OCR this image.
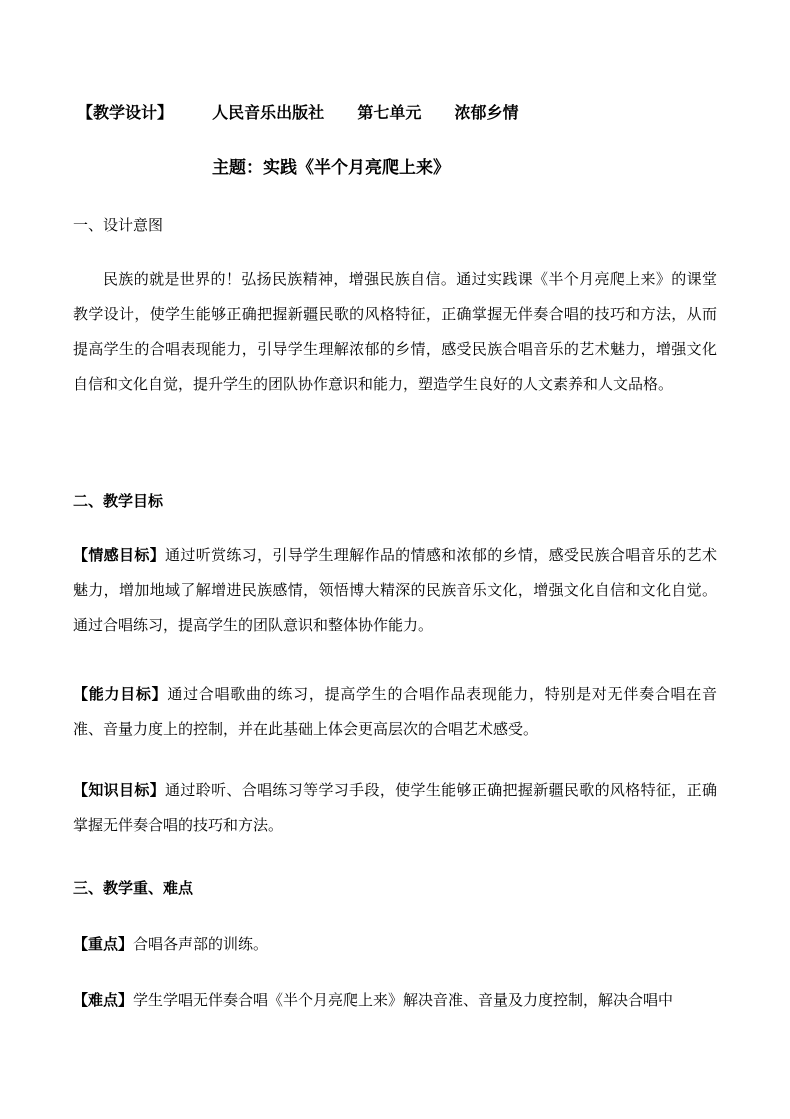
【教学设计】 人民音乐出版社 第七单元 浓郁乡情
主题：实践《半个月亮爬上来》
一、设计意图

民族的就是世界的！弘扬民族精神，增强民族自信。通过实践课《半个月亮爬上来》的课堂教学设计，使学生能够正确把握新疆民歌的风格特征，正确掌握无伴奏合唱的技巧和方法，从而提高学生的合唱表现能力，引导学生理解浓郁的乡情，感受民族合唱音乐的艺术魅力，增强文化自信和文化自觉，提升学生的团队协作意识和能力，塑造学生良好的人文素养和人文品格。

二、教学目标

【情感目标】通过听赏练习，引导学生理解作品的情感和浓郁的乡情，感受民族合唱音乐的艺术魅力，增加地域了解增进民族感情，领悟博大精深的民族音乐文化，增强文化自信和文化自觉。通过合唱练习，提高学生的团队意识和整体协作能力。

【能力目标】通过合唱歌曲的练习，提高学生的合唱作品表现能力，特别是对无伴奏合唱在音准、音量力度上的控制，并在此基础上体会更高层次的合唱艺术感受。

【知识目标】通过聆听、合唱练习等学习手段，使学生能够正确把握新疆民歌的风格特征，正确掌握无伴奏合唱的技巧和方法。

三、教学重、难点
【重点】合唱各声部的训练。
【难点】学生学唱无伴奏合唱《半个月亮爬上来》解决音准、音量及力度控制，解决合唱中
